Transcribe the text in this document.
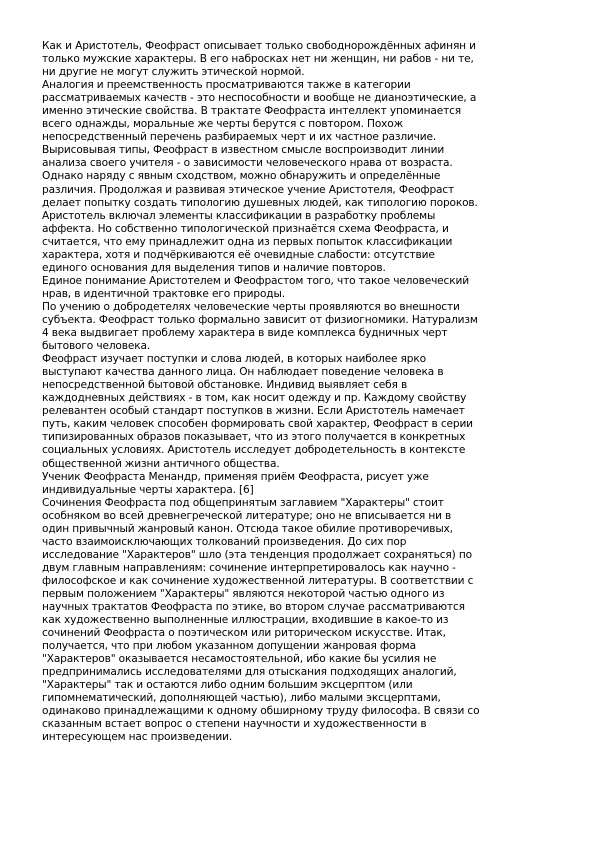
Как и Аристотель, Феофраст описывает только свободнорождённых афинян и
только мужские характеры. В его набросках нет ни женщин, ни рабов - ни те,
ни другие не могут служить этической нормой.

Аналогия и преемственность просматриваются также в категории
рассматриваемых качеств - это неспособности и вообще не дианоэтические, а
именно этические свойства. В трактате Феофраста интеллект упоминается
всего однажды, моральные же черты берутся с повтором. Похож
непосредственный перечень разбираемых черт и их частное различие.

Вырисовывая типы, Феофраст в известном смысле воспроизводит линии
анализа своего учителя - о зависимости человеческого нрава от возраста.

Однако наряду с явным сходством, можно обнаружить и определённые
различия. Продолжая и развивая этическое учение Аристотеля, Феофраст
делает попытку создать типологию душевных людей, как типологию пороков.
Аристотель включал элементы классификации в разработку проблемы
аффекта. Но собственно типологической признаётся схема Феофраста, и
считается, что ему принадлежит одна из первых попыток классификации
характера, хотя и подчёркиваются её очевидные слабости: отсутствие
единого основания для выделения типов и наличие повторов.

Единое понимание Аристотелем и Феофрастом того, что такое человеческий
нрав, в идентичной трактовке его природы.

По учению о добродетелях человеческие черты проявляются во внешности
субъекта. Феофраст только формально зависит от физиогномики. Натурализм
4 века выдвигает проблему характера в виде комплекса будничных черт
бытового человека.

Феофраст изучает поступки и слова людей, в которых наиболее ярко
выступают качества данного лица. Он наблюдает поведение человека в
непосредственной бытовой обстановке. Индивид выявляет себя в
каждодневных действиях - в том, как носит одежду и пр. Каждому свойству
релевантен особый стандарт поступков в жизни. Если Аристотель намечает
путь, каким человек способен формировать свой характер, Феофраст в серии
типизированных образов показывает, что из этого получается в конкретных
социальных условиях. Аристотель исследует добродетельность в контексте
общественной жизни античного общества.

Ученик Феофраста Менандр, применяя приём Феофраста, рисует уже
индивидуальные черты характера. [6]

Сочинения Феофраста под общепринятым заглавием "Характеры" стоит
особняком во всей древнегреческой литературе; оно не вписывается ни в
один привычный жанровый канон. Отсюда такое обилие противоречивых,
часто взаимоисключающих толкований произведения. До сих пор
исследование "Характеров" шло (эта тенденция продолжает сохраняться) по
двум главным направлениям: сочинение интерпретировалось как научно -
философское и как сочинение художественной литературы. В соответствии с
первым положением "Характеры" являются некоторой частью одного из
научных трактатов Феофраста по этике, во втором случае рассматриваются
как художественно выполненные иллюстрации, входившие в какое-то из
сочинений Феофраста о поэтическом или риторическом искусстве. Итак,
получается, что при любом указанном допущении жанровая форма
"Характеров" оказывается несамостоятельной, ибо какие бы усилия не
предпринимались исследователями для отыскания подходящих аналогий,
"Характеры" так и остаются либо одним большим эксцерптом (или
гипомнематический, дополняющей частью), либо малыми эксцерптами,
одинаково принадлежащими к одному обширному труду философа. В связи со
сказанным встает вопрос о степени научности и художественности в
интересующем нас произведении.
